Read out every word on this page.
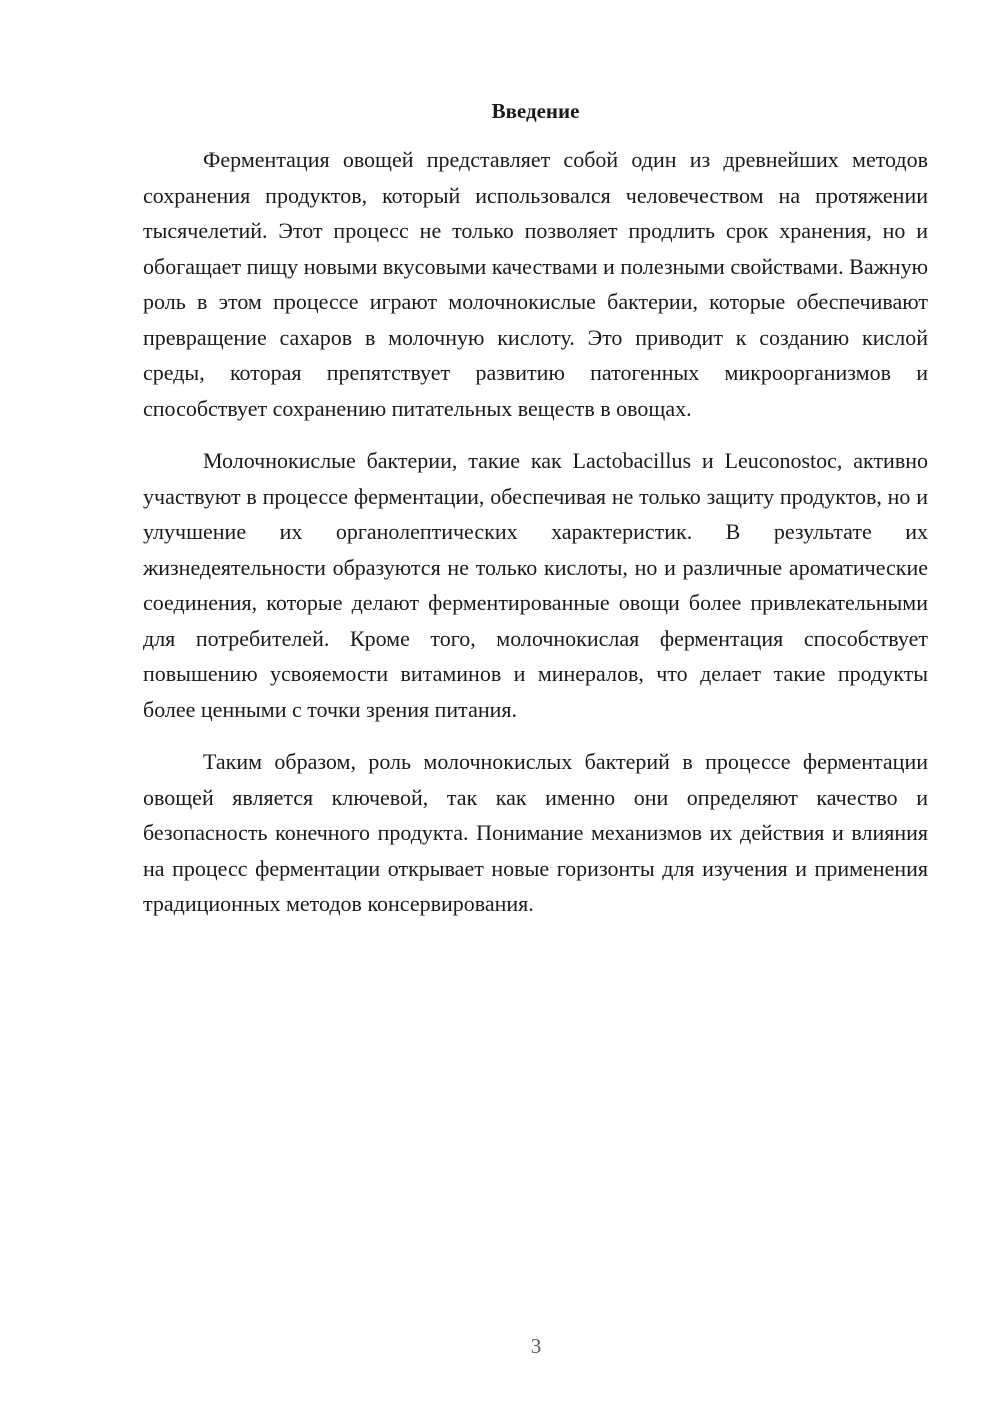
Введение

Ферментация овощей представляет собой один из древнейших методов сохранения продуктов, который использовался человечеством на протяжении тысячелетий. Этот процесс не только позволяет продлить срок хранения, но и обогащает пищу новыми вкусовыми качествами и полезными свойствами. Важную роль в этом процессе играют молочнокислые бактерии, которые обеспечивают превращение сахаров в молочную кислоту. Это приводит к созданию кислой среды, которая препятствует развитию патогенных микроорганизмов и способствует сохранению питательных веществ в овощах.

Молочнокислые бактерии, такие как Lactobacillus и Leuconostoc, активно участвуют в процессе ферментации, обеспечивая не только защиту продуктов, но и улучшение их органолептических характеристик. В результате их жизнедеятельности образуются не только кислоты, но и различные ароматические соединения, которые делают ферментированные овощи более привлекательными для потребителей. Кроме того, молочнокислая ферментация способствует повышению усвояемости витаминов и минералов, что делает такие продукты более ценными с точки зрения питания.

Таким образом, роль молочнокислых бактерий в процессе ферментации овощей является ключевой, так как именно они определяют качество и безопасность конечного продукта. Понимание механизмов их действия и влияния на процесс ферментации открывает новые горизонты для изучения и применения традиционных методов консервирования.

3
